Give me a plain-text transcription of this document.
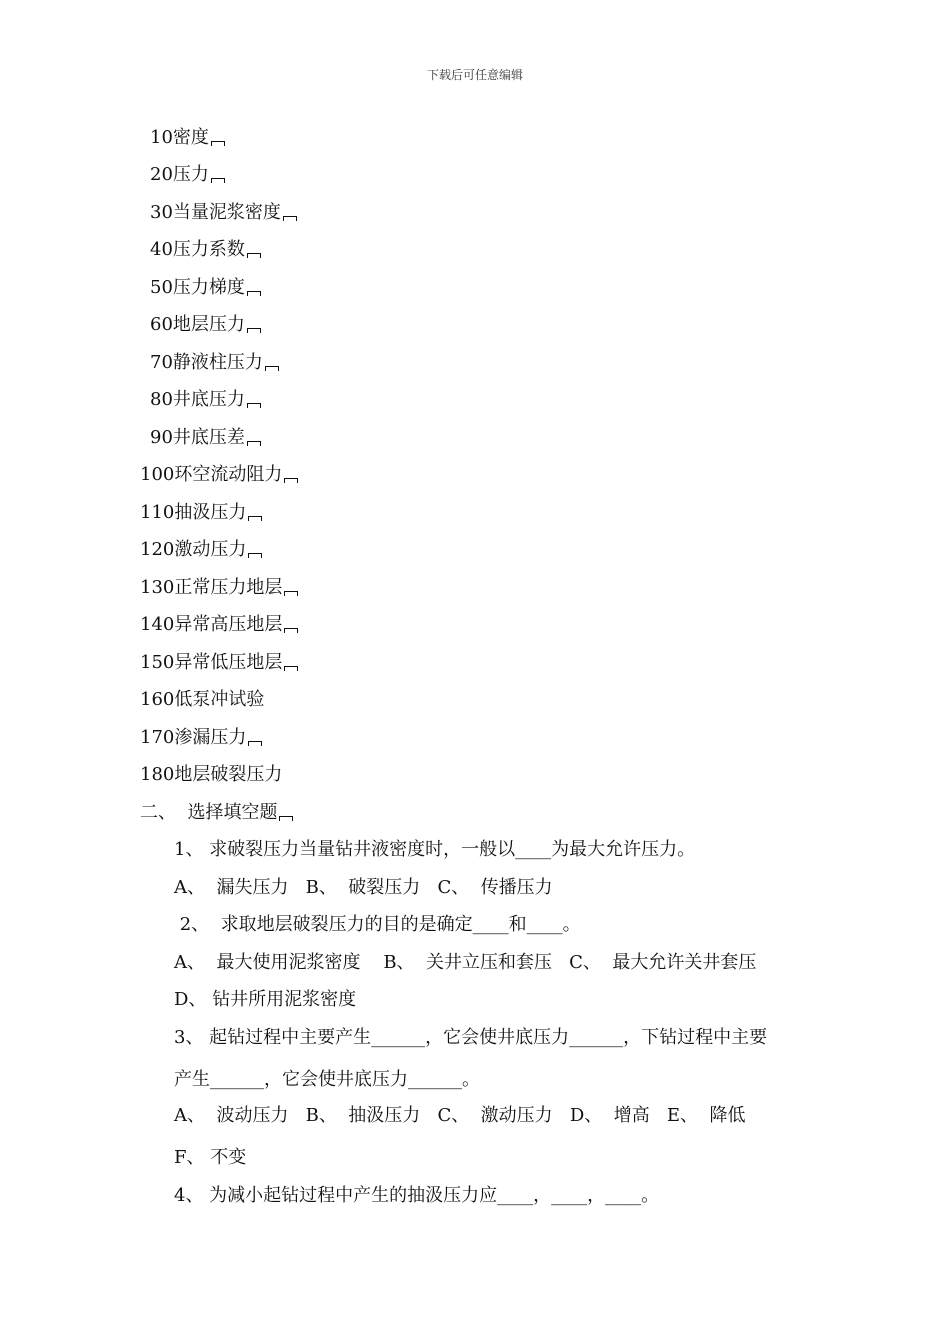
下载后可任意编辑
10密度
20压力
30当量泥浆密度
40压力系数
50压力梯度
60地层压力
70静液柱压力
80井底压力
90井底压差
100环空流动阻力
110抽汲压力
120激动压力
130正常压力地层
140异常高压地层
150异常低压地层
160低泵冲试验
170渗漏压力
180地层破裂压力
二、  选择填空题
1、 求破裂压力当量钻井液密度时，一般以____为最大允许压力。
A、  漏失压力   B、  破裂压力   C、  传播压力
2、  求取地层破裂压力的目的是确定____和____。
A、  最大使用泥浆密度    B、  关井立压和套压   C、  最大允许关井套压
D、 钻井所用泥浆密度
3、 起钻过程中主要产生______，它会使井底压力______，下钻过程中主要
产生______，它会使井底压力______。
A、  波动压力   B、  抽汲压力   C、  激动压力   D、  增高   E、  降低
F、 不变
4、 为减小起钻过程中产生的抽汲压力应____，____，____。
